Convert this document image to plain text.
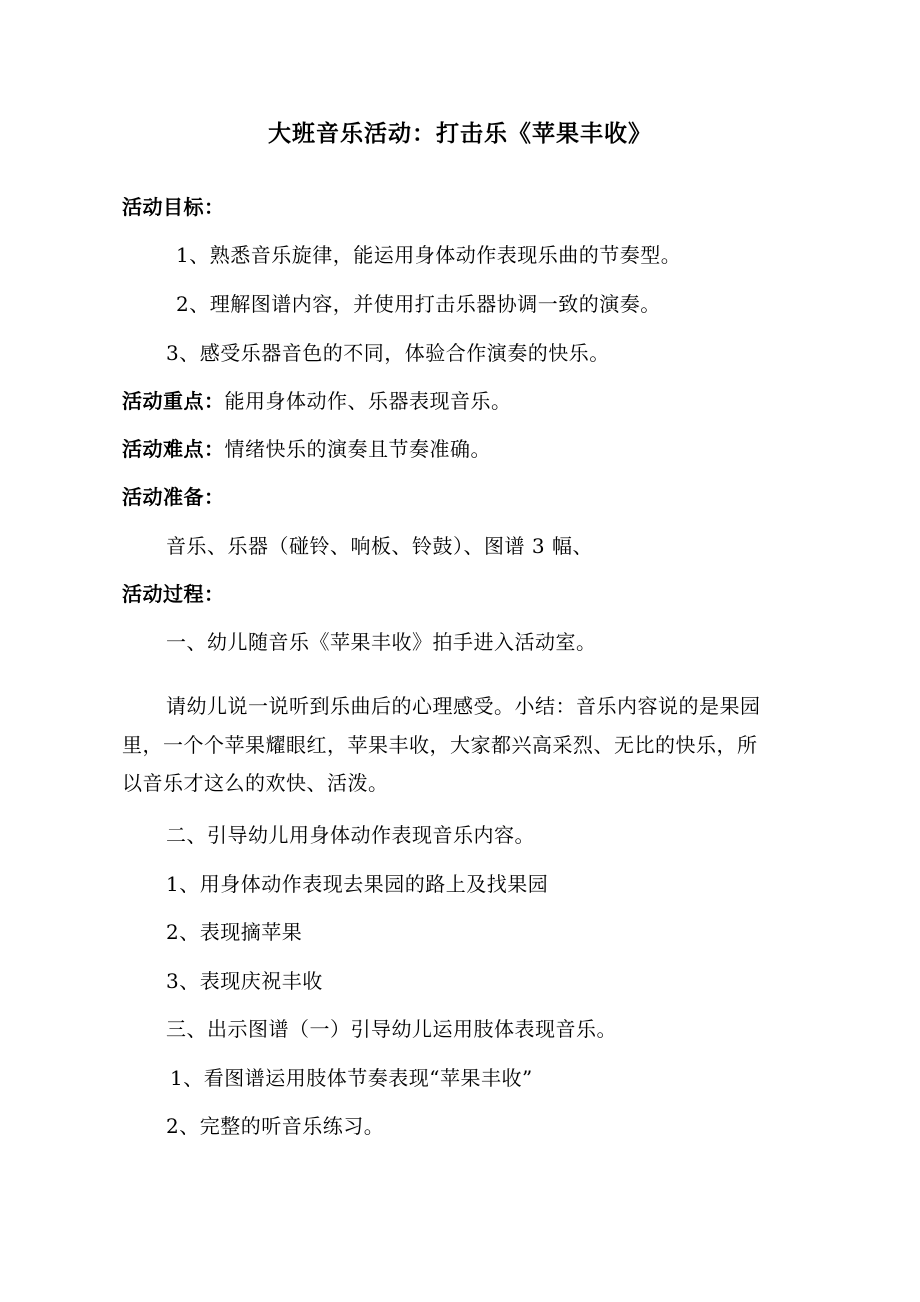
大班音乐活动：打击乐《苹果丰收》
活动目标：
1、熟悉音乐旋律，能运用身体动作表现乐曲的节奏型。
2、理解图谱内容，并使用打击乐器协调一致的演奏。
3、感受乐器音色的不同，体验合作演奏的快乐。
活动重点：能用身体动作、乐器表现音乐。
活动难点：情绪快乐的演奏且节奏准确。
活动准备：
音乐、乐器（碰铃、响板、铃鼓）、图谱 3 幅、
活动过程：
一、幼儿随音乐《苹果丰收》拍手进入活动室。
请幼儿说一说听到乐曲后的心理感受。小结：音乐内容说的是果园
里，一个个苹果耀眼红，苹果丰收，大家都兴高采烈、无比的快乐，所
以音乐才这么的欢快、活泼。
二、引导幼儿用身体动作表现音乐内容。
1、用身体动作表现去果园的路上及找果园
2、表现摘苹果
3、表现庆祝丰收
三、出示图谱（一）引导幼儿运用肢体表现音乐。
1、看图谱运用肢体节奏表现“苹果丰收”
2、完整的听音乐练习。
